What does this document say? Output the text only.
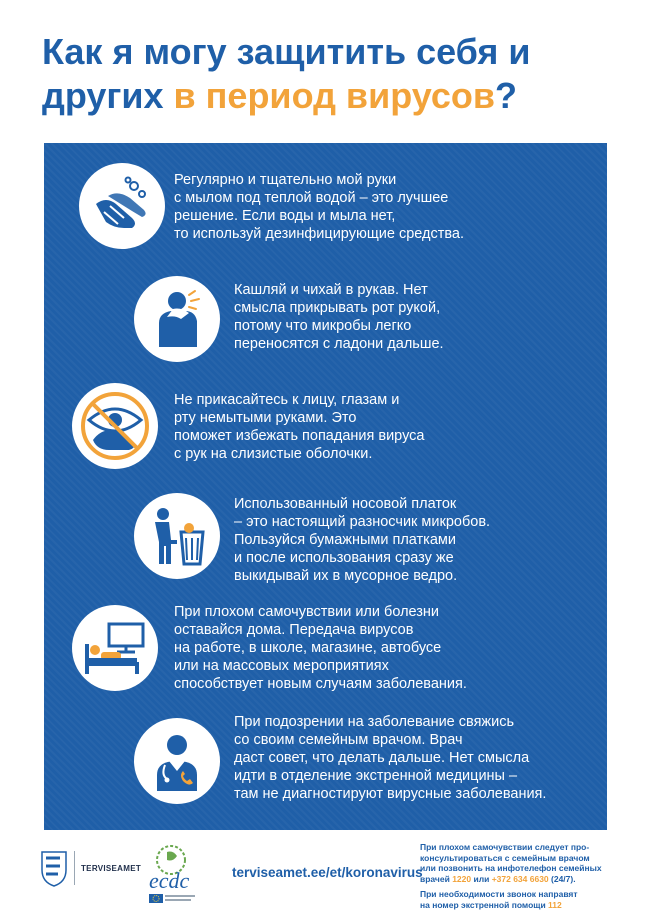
Как я могу защитить себя и
других в период вирусов?
Регулярно и тщательно мой руки
с мылом под теплой водой – это лучшее
решение. Если воды и мыла нет,
то используй дезинфицирующие средства.
Кашляй и чихай в рукав. Нет
смысла прикрывать рот рукой,
потому что микробы легко
переносятся с ладони дальше.
Не прикасайтесь к лицу, глазам и
рту немытыми руками. Это
поможет избежать попадания вируса
с рук на слизистые оболочки.
Использованный носовой платок
– это настоящий разносчик микробов.
Пользуйся бумажными платками
и после использования сразу же
выкидывай их в мусорное ведро.
При плохом самочувствии или болезни
оставайся дома. Передача вирусов
на работе, в школе, магазине, автобусе
или на массовых мероприятиях
способствует новым случаям заболевания.
При подозрении на заболевание свяжись
со своим семейным врачом. Врач
даст совет, что делать дальше. Нет смысла
идти в отделение экстренной медицины –
там не диагностируют вирусные заболевания.
TERVISEAMET ecdc	terviseamet.ee/et/koronavirus

При плохом самочувствии следует про-
консультироваться с семейным врачом
или позвонить на инфотелефон семейных
врачей 1220 или +372 634 6630 (24/7).

При необходимости звонок направят
на номер экстренной помощи 112
